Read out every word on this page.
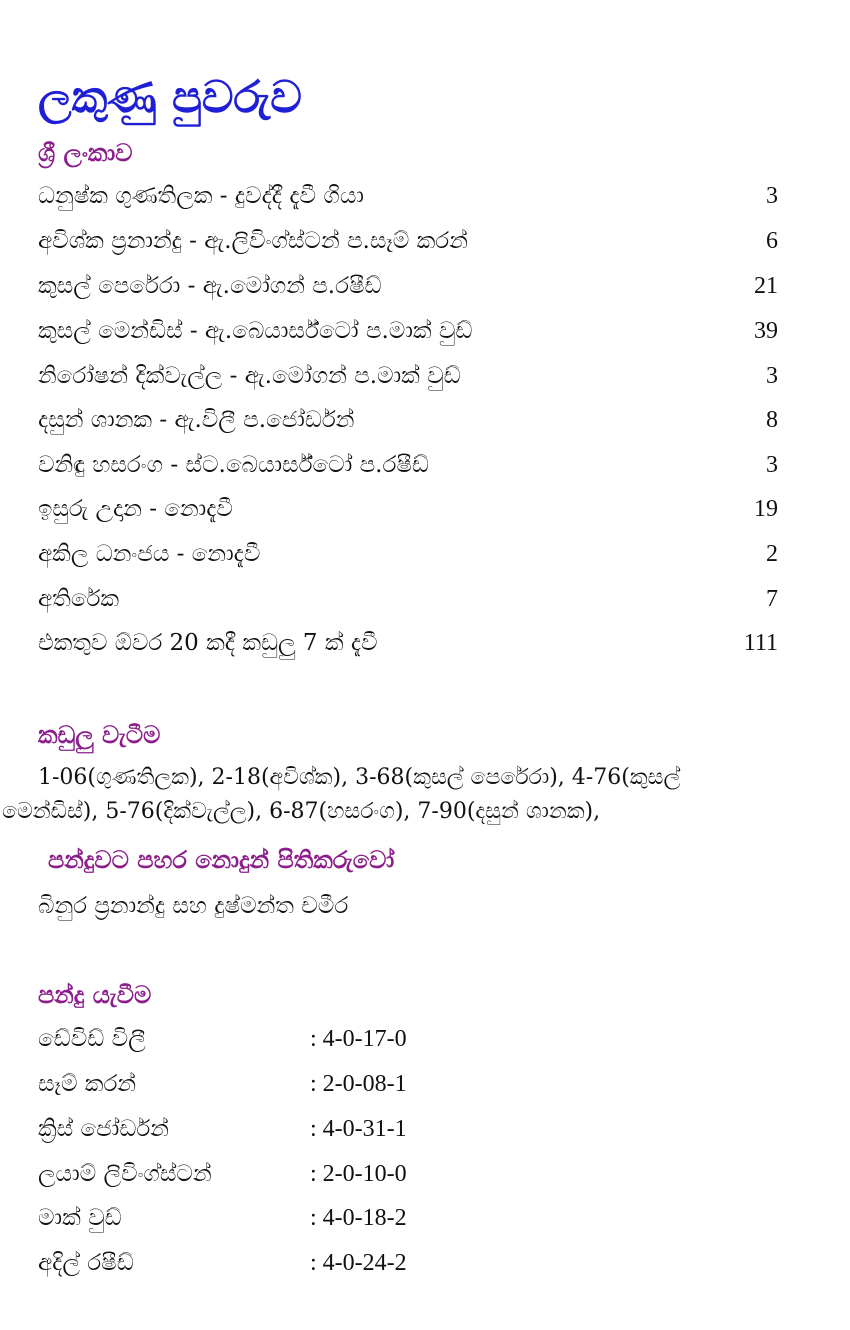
ලකුණු පුවරුව
ශ්‍රී ලංකාව
ධනුෂ්ක ගුණතිලක - දුවද්දී දැවී ගියා	3
අවිශ්ක ප්‍රනාන්දු - ඇ.ලිවිංග්ස්ටන් ප.සෑම් කරන්	6
කුසල් පෙරේරා - ඇ.මෝගන් ප.රෂීඩ්	21
කුසල් මෙන්ඩිස් - ඇ.බෙයාර්ස්ටෝ ප.මාක් වුඩ්	39
නිරෝෂන් දික්වැල්ල - ඇ.මෝගන් ප.මාක් වුඩ්	3
දසුන් ශානක - ඇ.විලී ප.ජෝර්ඩන්	8
වනිඳු හසරංග - ස්ට.බෙයාර්ස්ටෝ ප.රෂීඩ්	3
ඉසුරු උදාන - නොදැවී	19
අකිල ධනංජය - නොදැවී	2
අතිරේක	7
එකතුව ඕවර 20 කදී කඩුලු 7 ක් දැවී	111
කඩුලු වැටීම
1-06(ගුණතිලක), 2-18(අවිශ්ක), 3-68(කුසල් පෙරේරා), 4-76(කුසල්
මෙන්ඩිස්), 5-76(දික්වැල්ල), 6-87(හසරංග), 7-90(දසුන් ශානක),
පන්දුවට පහර නොදුන් පිතිකරුවෝ
බිනුර ප්‍රනාන්දු සහ දුෂ්මන්ත චමීර
පන්දු යැවීම
ඩේවිඩ් විලී	: 4-0-17-0
සෑම් කරන්	: 2-0-08-1
ක්‍රිස් ජෝර්ඩන්	: 4-0-31-1
ලයාම් ලිවිංග්ස්ටන්	: 2-0-10-0
මාක් වුඩ්	: 4-0-18-2
අදිල් රෂීඩ්	: 4-0-24-2
